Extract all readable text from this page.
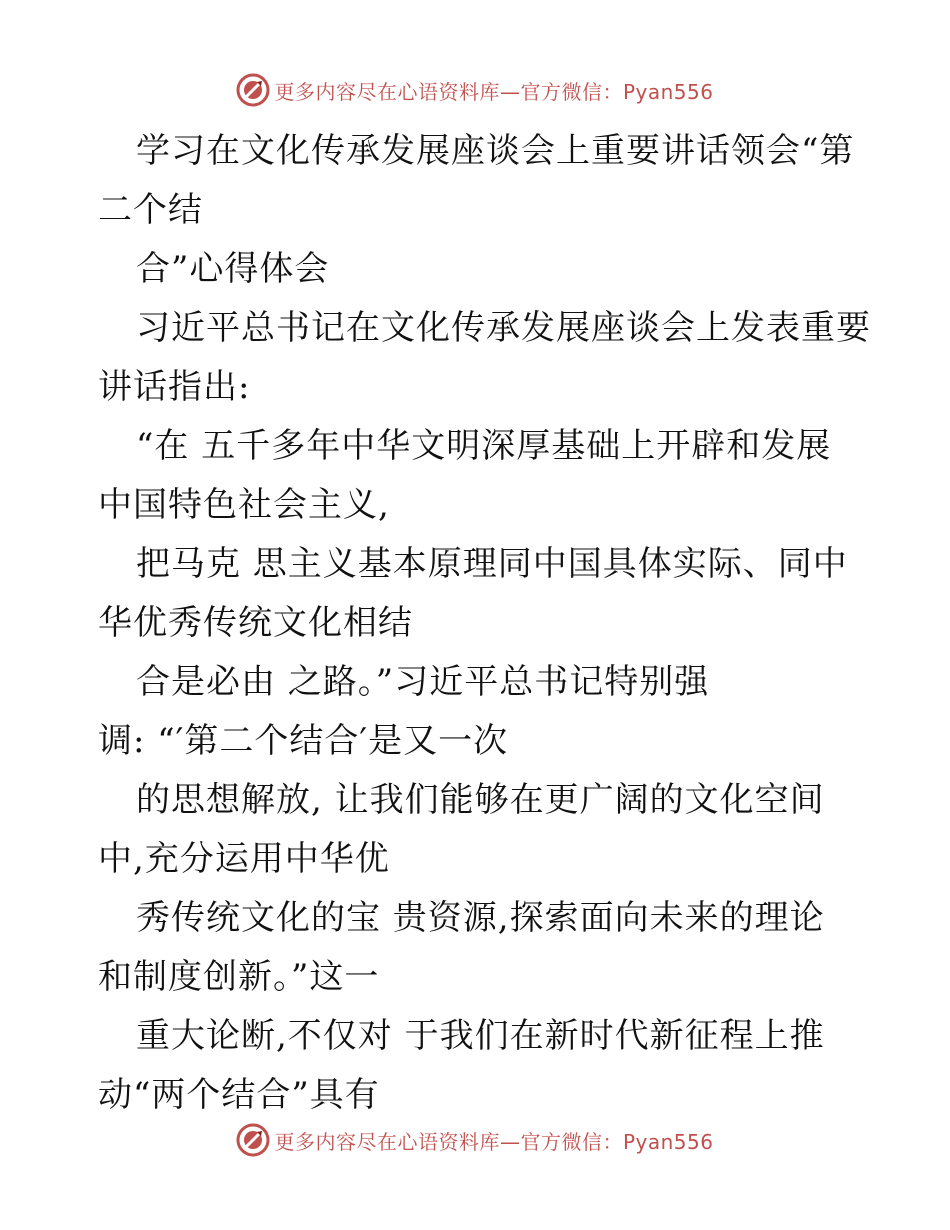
更多内容尽在心语资料库—官方微信：Pyan556
学习在文化传承发展座谈会上重要讲话领会“第
二个结
合”心得体会
习近平总书记在文化传承发展座谈会上发表重要
讲话指出:
“在 五千多年中华文明深厚基础上开辟和发展
中国特色社会主义,
把马克 思主义基本原理同中国具体实际、同中
华优秀传统文化相结
合是必由 之路。”习近平总书记特别强
调: “′第二个结合′是又一次
的思想解放, 让我们能够在更广阔的文化空间
中,充分运用中华优
秀传统文化的宝 贵资源,探索面向未来的理论
和制度创新。”这一
重大论断,不仅对 于我们在新时代新征程上推
动“两个结合”具有
更多内容尽在心语资料库—官方微信：Pyan556
